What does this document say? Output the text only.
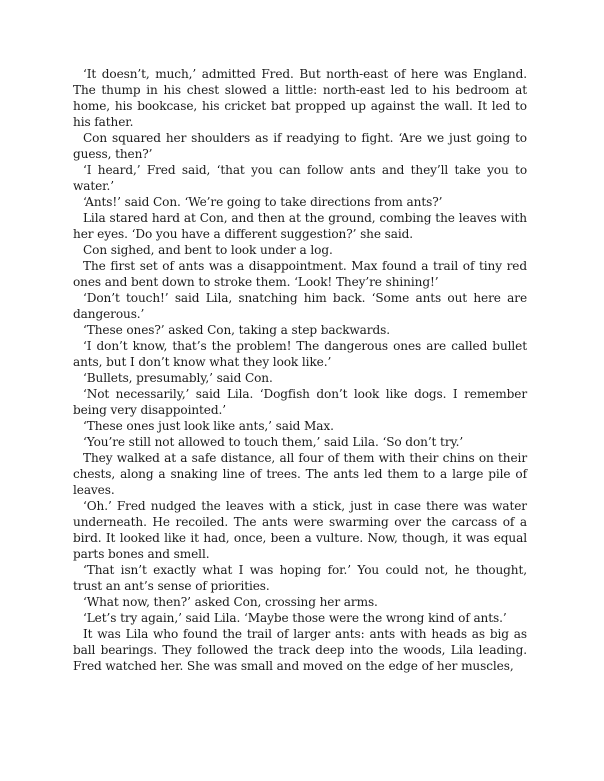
‘It doesn’t, much,’ admitted Fred. But north-east of here was England. The thump in his chest slowed a little: north-east led to his bedroom at home, his bookcase, his cricket bat propped up against the wall. It led to his father.

Con squared her shoulders as if readying to fight. ‘Are we just going to guess, then?’

‘I heard,’ Fred said, ‘that you can follow ants and they’ll take you to water.’

‘Ants!’ said Con. ‘We’re going to take directions from ants?’

Lila stared hard at Con, and then at the ground, combing the leaves with her eyes. ‘Do you have a different suggestion?’ she said.

Con sighed, and bent to look under a log.

The first set of ants was a disappointment. Max found a trail of tiny red ones and bent down to stroke them. ‘Look! They’re shining!’

‘Don’t touch!’ said Lila, snatching him back. ‘Some ants out here are dangerous.’

‘These ones?’ asked Con, taking a step backwards.

‘I don’t know, that’s the problem! The dangerous ones are called bullet ants, but I don’t know what they look like.’

‘Bullets, presumably,’ said Con.

‘Not necessarily,’ said Lila. ‘Dogfish don’t look like dogs. I remember being very disappointed.’

‘These ones just look like ants,’ said Max.

‘You’re still not allowed to touch them,’ said Lila. ‘So don’t try.’

They walked at a safe distance, all four of them with their chins on their chests, along a snaking line of trees. The ants led them to a large pile of leaves.

‘Oh.’ Fred nudged the leaves with a stick, just in case there was water underneath. He recoiled. The ants were swarming over the carcass of a bird. It looked like it had, once, been a vulture. Now, though, it was equal parts bones and smell.

‘That isn’t exactly what I was hoping for.’ You could not, he thought, trust an ant’s sense of priorities.

‘What now, then?’ asked Con, crossing her arms.

‘Let’s try again,’ said Lila. ‘Maybe those were the wrong kind of ants.’

It was Lila who found the trail of larger ants: ants with heads as big as ball bearings. They followed the track deep into the woods, Lila leading. Fred watched her. She was small and moved on the edge of her muscles,
